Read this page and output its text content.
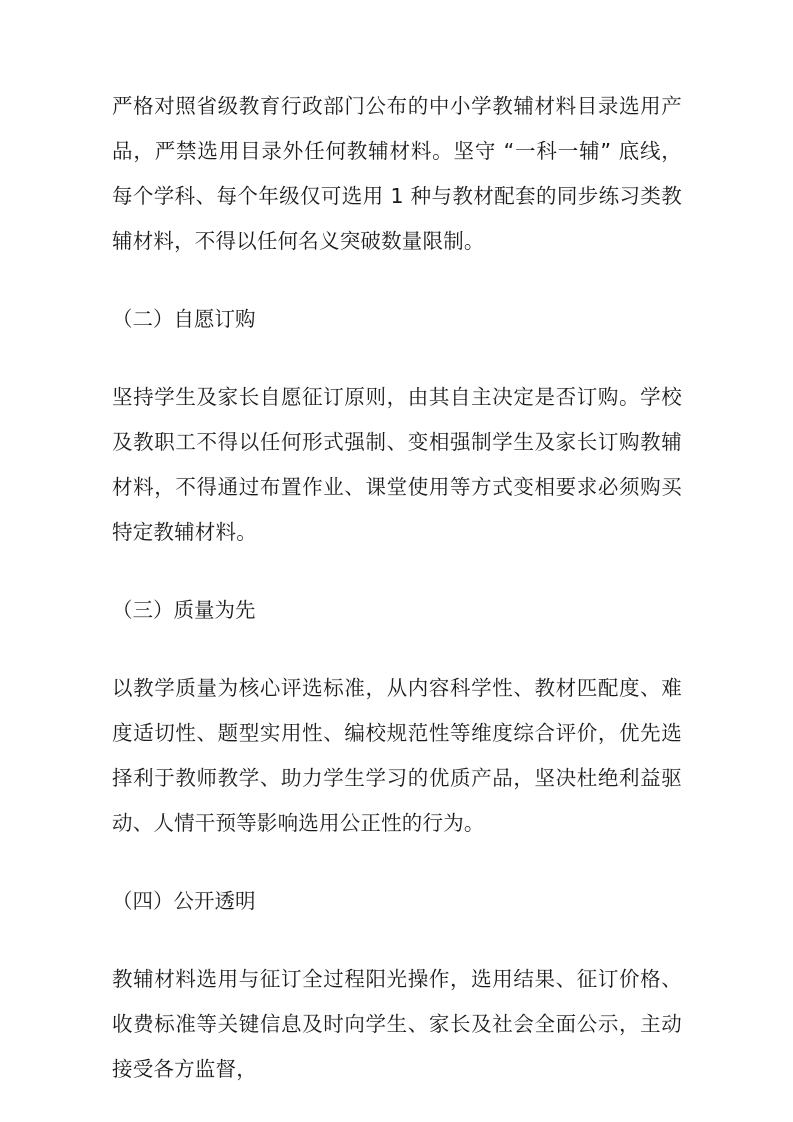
严格对照省级教育行政部门公布的中小学教辅材料目录选用产品，严禁选用目录外任何教辅材料。坚守 “一科一辅” 底线，每个学科、每个年级仅可选用 1 种与教材配套的同步练习类教辅材料，不得以任何名义突破数量限制。

（二）自愿订购

坚持学生及家长自愿征订原则，由其自主决定是否订购。学校及教职工不得以任何形式强制、变相强制学生及家长订购教辅材料，不得通过布置作业、课堂使用等方式变相要求必须购买特定教辅材料。

（三）质量为先

以教学质量为核心评选标准，从内容科学性、教材匹配度、难度适切性、题型实用性、编校规范性等维度综合评价，优先选择利于教师教学、助力学生学习的优质产品，坚决杜绝利益驱动、人情干预等影响选用公正性的行为。

（四）公开透明

教辅材料选用与征订全过程阳光操作，选用结果、征订价格、收费标准等关键信息及时向学生、家长及社会全面公示，主动接受各方监督，
